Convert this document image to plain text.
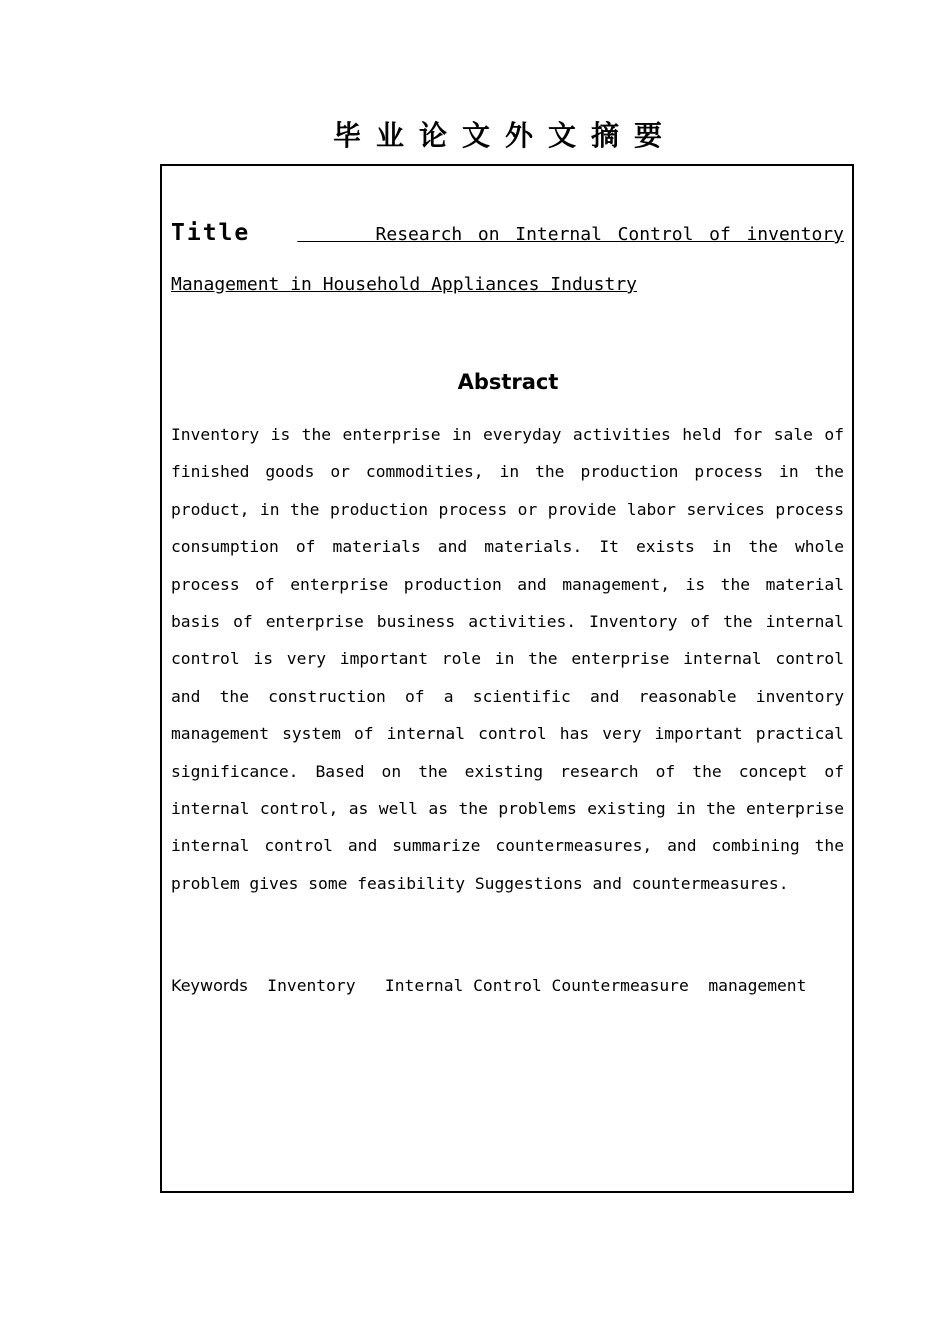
毕业论文外文摘要
Title	Research on Internal Control of inventory
Management in Household Appliances Industry
Abstract

Inventory is the enterprise in everyday activities held for sale of finished goods or commodities, in the production process in the product, in the production process or provide labor services process consumption of materials and materials. It exists in the whole process of enterprise production and management, is the material basis of enterprise business activities. Inventory of the internal control is very important role in the enterprise internal control and the construction of a scientific and reasonable inventory management system of internal control has very important practical significance. Based on the existing research of the concept of internal control, as well as the problems existing in the enterprise internal control and summarize countermeasures, and combining the problem gives some feasibility Suggestions and countermeasures.

Keywords Inventory   Internal Control Countermeasure  management
